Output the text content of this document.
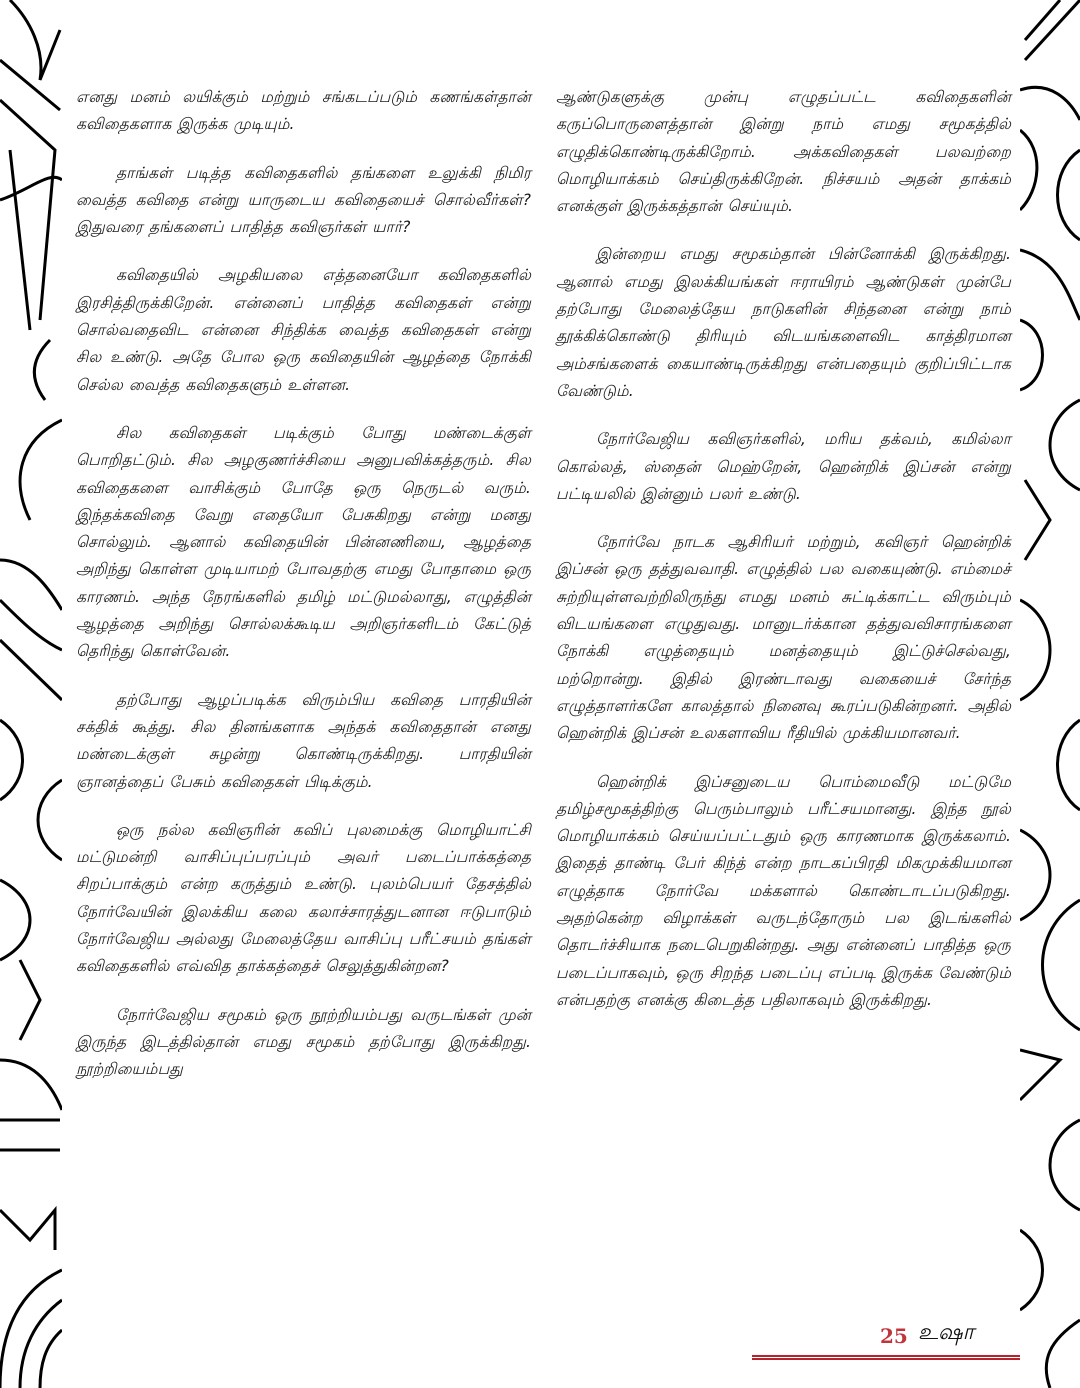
எனது மனம் லயிக்கும் மற்றும் சங்கடப்படும் கணங்கள்தான் கவிதைகளாக இருக்க முடியும்.

தாங்கள் படித்த கவிதைகளில் தங்களை உலுக்கி நிமிர வைத்த கவிதை என்று யாருடைய கவிதையைச் சொல்வீர்கள்? இதுவரை தங்களைப் பாதித்த கவிஞர்கள் யார்?

கவிதையில் அழகியலை எத்தனையோ கவிதைகளில் இரசித்திருக்கிறேன். என்னைப் பாதித்த கவிதைகள் என்று சொல்வதைவிட என்னை சிந்திக்க வைத்த கவிதைகள் என்று சில உண்டு. அதே போல ஒரு கவிதையின் ஆழத்தை நோக்கி செல்ல வைத்த கவிதைகளும் உள்ளன.

சில கவிதைகள் படிக்கும் போது மண்டைக்குள் பொறிதட்டும். சில அழகுணர்ச்சியை அனுபவிக்கத்தரும். சில கவிதைகளை வாசிக்கும் போதே ஒரு நெருடல் வரும். இந்தக்கவிதை வேறு எதையோ பேசுகிறது என்று மனது சொல்லும். ஆனால் கவிதையின் பின்னணியை, ஆழத்தை அறிந்து கொள்ள முடியாமற் போவதற்கு எமது போதாமை ஒரு காரணம். அந்த நேரங்களில் தமிழ் மட்டுமல்லாது, எழுத்தின் ஆழத்தை அறிந்து சொல்லக்கூடிய அறிஞர்களிடம் கேட்டுத் தெரிந்து கொள்வேன்.

தற்போது ஆழப்படிக்க விரும்பிய கவிதை பாரதியின் சக்திக் கூத்து. சில தினங்களாக அந்தக் கவிதைதான் எனது மண்டைக்குள் சுழன்று கொண்டிருக்கிறது. பாரதியின் ஞானத்தைப் பேசும் கவிதைகள் பிடிக்கும்.

ஒரு நல்ல கவிஞரின் கவிப் புலமைக்கு மொழியாட்சி மட்டுமன்றி வாசிப்புப்பரப்பும் அவர் படைப்பாக்கத்தை சிறப்பாக்கும் என்ற கருத்தும் உண்டு. புலம்பெயர் தேசத்தில் நோர்வேயின் இலக்கிய கலை கலாச்சாரத்துடனான ஈடுபாடும் நோர்வேஜிய அல்லது மேலைத்தேய வாசிப்பு பரீட்சயம் தங்கள் கவிதைகளில் எவ்வித தாக்கத்தைச் செலுத்துகின்றன?

நோர்வேஜிய சமூகம் ஒரு நூற்றியம்பது வருடங்கள் முன் இருந்த இடத்தில்தான் எமது சமூகம் தற்போது இருக்கிறது. நூற்றியைம்பது

ஆண்டுகளுக்கு முன்பு எழுதப்பட்ட கவிதைகளின் கருப்பொருளைத்தான் இன்று நாம் எமது சமூகத்தில் எழுதிக்கொண்டிருக்கிறோம். அக்கவிதைகள் பலவற்றை மொழியாக்கம் செய்திருக்கிறேன். நிச்சயம் அதன் தாக்கம் எனக்குள் இருக்கத்தான் செய்யும்.

இன்றைய எமது சமூகம்தான் பின்னோக்கி இருக்கிறது. ஆனால் எமது இலக்கியங்கள் ஈராயிரம் ஆண்டுகள் முன்பே தற்போது மேலைத்தேய நாடுகளின் சிந்தனை என்று நாம் தூக்கிக்கொண்டு திரியும் விடயங்களைவிட காத்திரமான அம்சங்களைக் கையாண்டிருக்கிறது என்பதையும் குறிப்பிட்டாக வேண்டும்.

நோர்வேஜிய கவிஞர்களில், மரிய தக்வம், கமில்லா கொல்லத், ஸ்தைன் மெஹ்றேன், ஹென்றிக் இப்சன் என்று பட்டியலில் இன்னும் பலர் உண்டு.

நோர்வே நாடக ஆசிரியர் மற்றும், கவிஞர் ஹென்றிக் இப்சன் ஒரு தத்துவவாதி. எழுத்தில் பல வகையுண்டு. எம்மைச் சுற்றியுள்ளவற்றிலிருந்து எமது மனம் சுட்டிக்காட்ட விரும்பும் விடயங்களை எழுதுவது. மானுடர்க்கான தத்துவவிசாரங்களை நோக்கி எழுத்தையும் மனத்தையும் இட்டுச்செல்வது, மற்றொன்று. இதில் இரண்டாவது வகையைச் சேர்ந்த எழுத்தாளர்களே காலத்தால் நினைவு கூரப்படுகின்றனர். அதில் ஹென்றிக் இப்சன் உலகளாவிய ரீதியில் முக்கியமானவர்.

ஹென்றிக் இப்சனுடைய பொம்மைவீடு மட்டுமே தமிழ்சமூகத்திற்கு பெரும்பாலும் பரீட்சயமானது. இந்த நூல் மொழியாக்கம் செய்யப்பட்டதும் ஒரு காரணமாக இருக்கலாம். இதைத் தாண்டி பேர் கிந்த் என்ற நாடகப்பிரதி மிகமுக்கியமான எழுத்தாக நோர்வே மக்களால் கொண்டாடப்படுகிறது. அதற்கென்ற விழாக்கள் வருடந்தோரும் பல இடங்களில் தொடர்ச்சியாக நடைபெறுகின்றது. அது என்னைப் பாதித்த ஒரு படைப்பாகவும், ஒரு சிறந்த படைப்பு எப்படி இருக்க வேண்டும் என்பதற்கு எனக்கு கிடைத்த பதிலாகவும் இருக்கிறது.

25 உஷா
